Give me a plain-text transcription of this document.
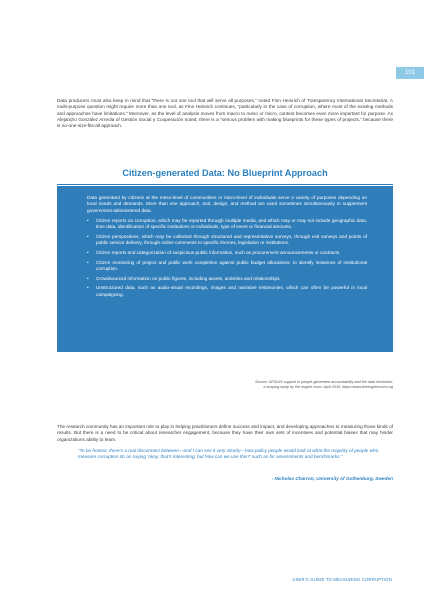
101

Data producers must also keep in mind that “there is not one tool that will serve all purposes,” noted Finn Heinrich of Transparency International Secretariat. A multi-purpose question might require more than one tool, as Finn Heinrich continues, “particularly in the case of corruption, where most of the existing methods and approaches have limitations.” Moreover, as the level of analysis moves from macro to meso or micro, context becomes even more important for purpose. As Alejandro González Arreola of Gestión Social y Cooperación noted, there is a “serious problem with making blueprints for these types of projects,” because there is no-one-size-fits-all approach.

Citizen-generated Data: No Blueprint Approach

Data generated by citizens at the meso-level of communities or micro-level of individuals serve a variety of purposes depending on local needs and demands. More than one approach, tool, design, and method are used sometimes simultaneously to supplement government-administered data.

• Citizen reports on corruption, which may be reported through multiple media, and which may or may not include geographic data, time data, identification of specific institutions or individuals, type of event or financial amounts.
• Citizen perspectives, which may be collected through structured and representative surveys, through exit surveys and points of public service delivery, through online comments to specific themes, legislation or institutions.
• Citizen reports and categorization of suspicious public information, such as procurement announcements or contracts.
• Citizen monitoring of project and public work completion against public budget allocations, to identify instances of institutional corruption.
• Crowdsourced information on public figures, including assets, activities and relationships.
• Unstructured data, such as audio-visual recordings, images and narrative testimonies, which can often be powerful in local campaigning.
Source: DFID/JS support to people-generated accountability and the data revolution:
a scoping study by the engine room. April 2016, https://www.theengineroom.org

The research community has an important role to play in helping practitioners define success and impact, and developing approaches to measuring those kinds of results. But there is a need to be critical about researcher engagement, because they have their own sets of incentives and potential biases that may hinder organizations ability to learn.

“To be honest, there’s a real disconnect between—and I can see it very clearly—how policy people would look at what the majority of people who measure corruption do as saying ‘okay, that’s interesting, but how can we use this?’ such as for assessments and benchmarks.”

- Nicholas Charron, University of Gothenburg, Sweden
USER’S GUIDE TO MEASURING CORRUPTION
